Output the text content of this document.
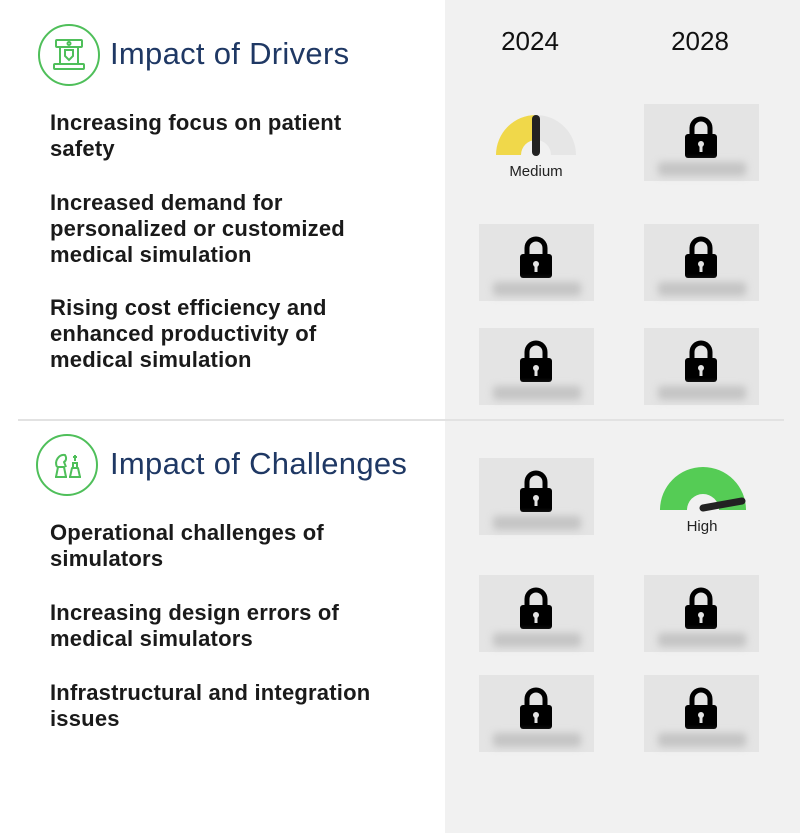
2024	2028
Impact of Drivers
Increasing focus on patient safety
Increased demand for personalized or customized medical simulation
Rising cost efficiency and enhanced productivity of medical simulation
Medium
Impact of Challenges
Operational challenges of simulators
Increasing design errors of medical simulators
Infrastructural and integration issues
High
